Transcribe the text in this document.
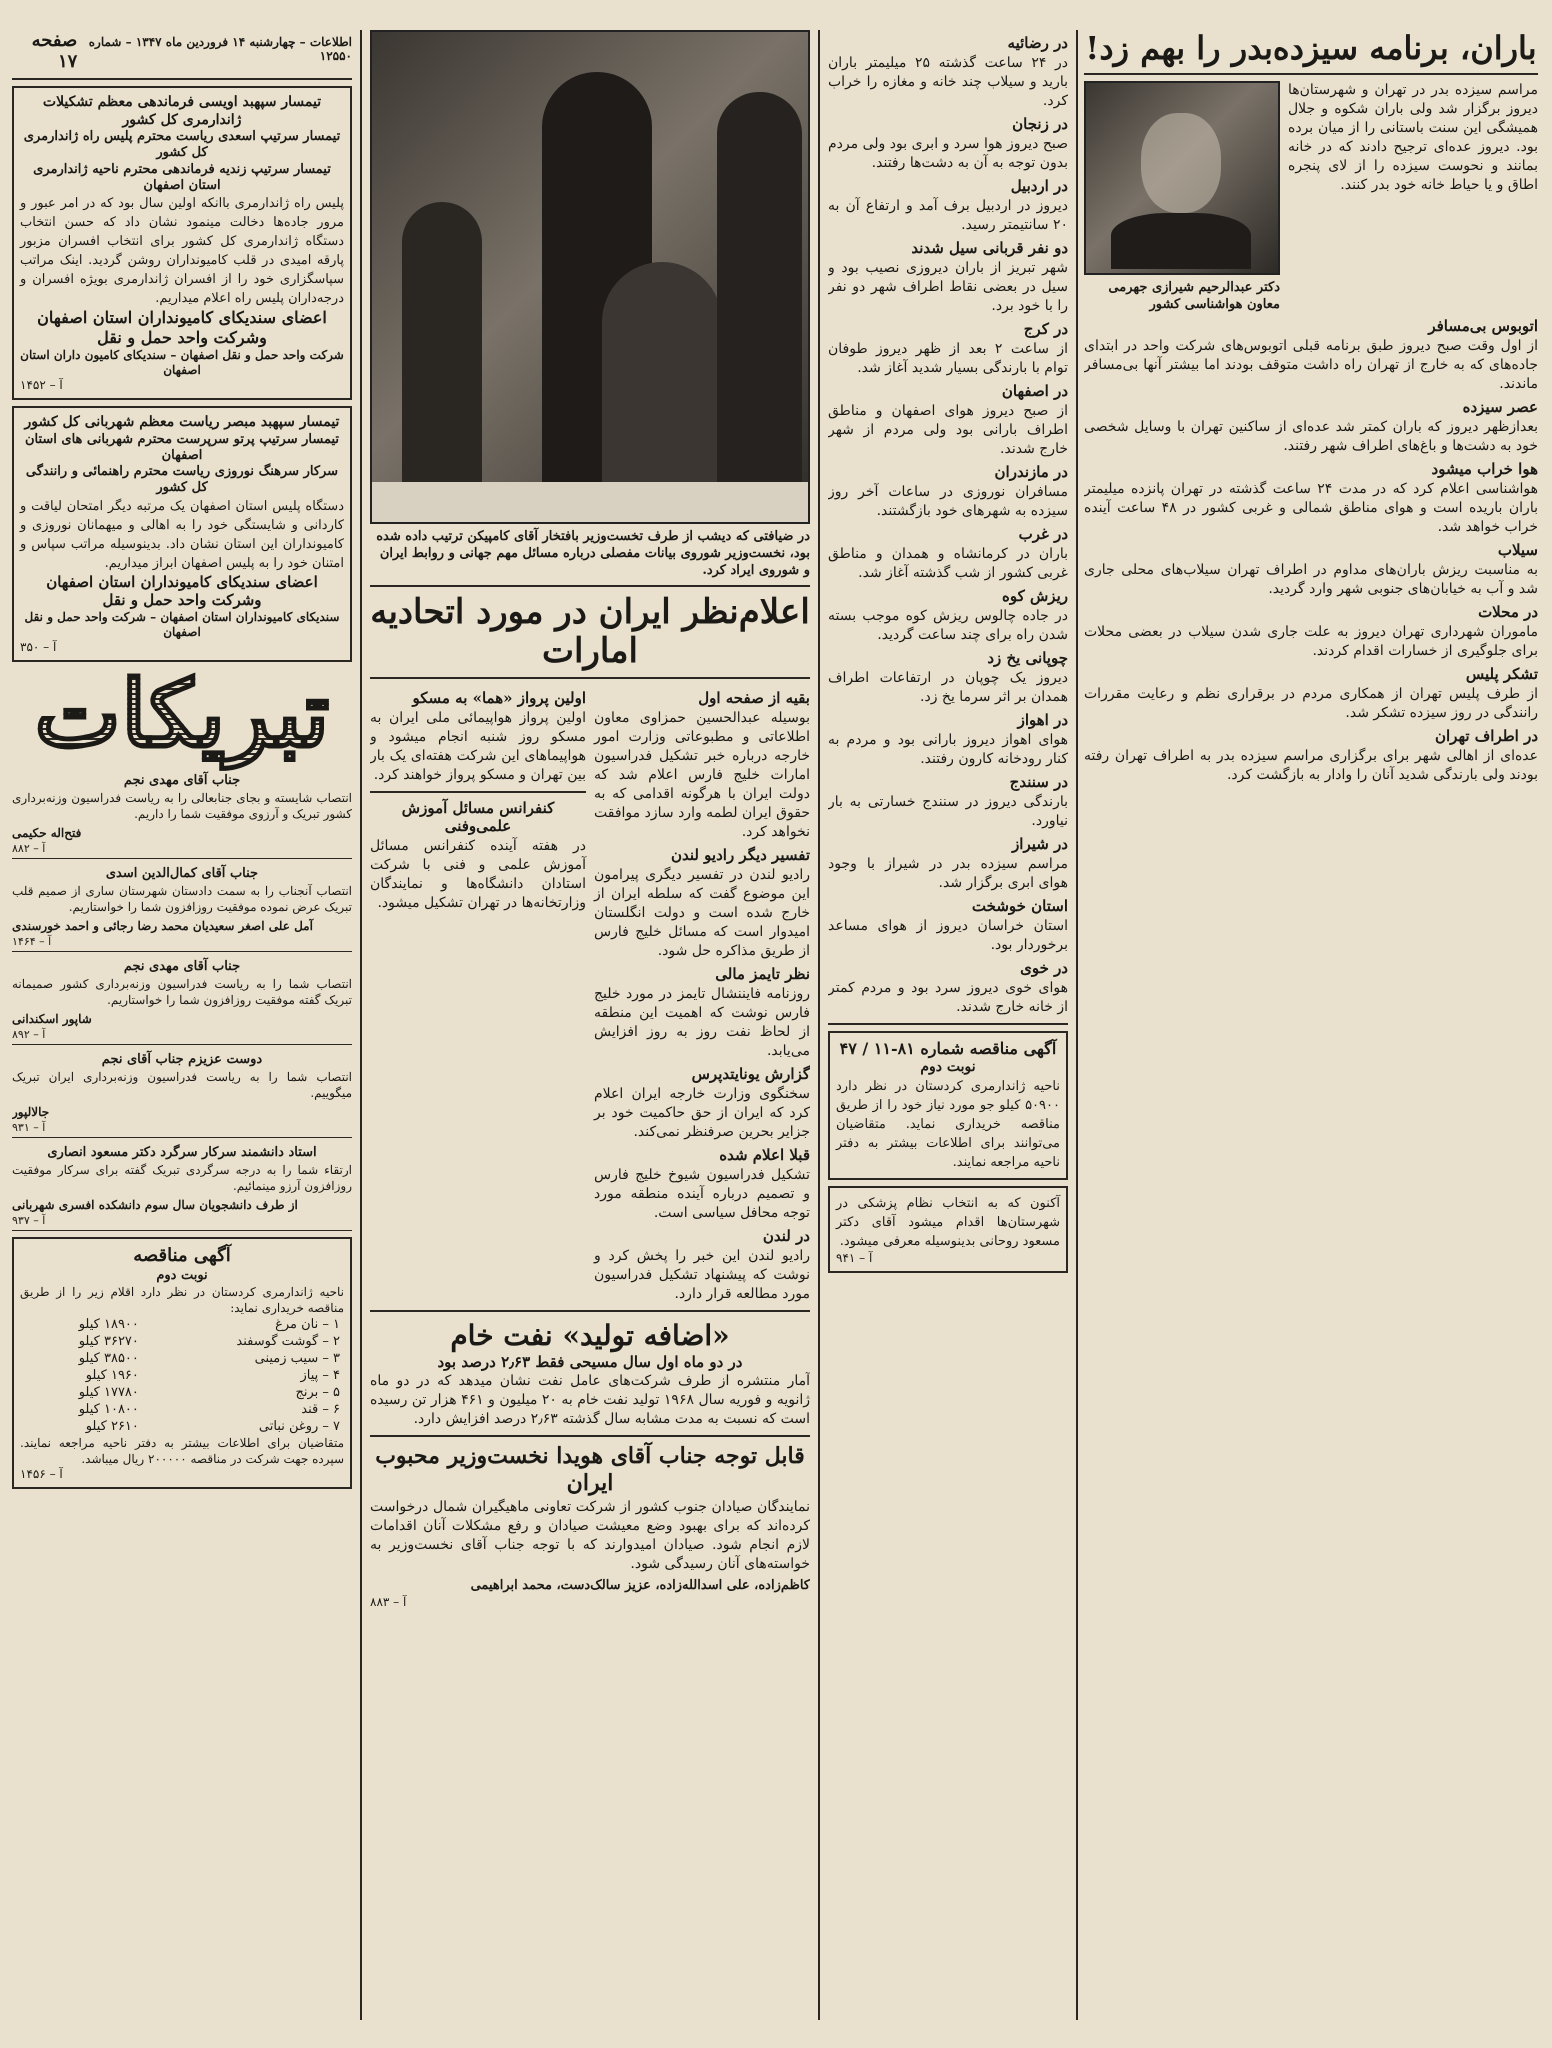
باران، برنامه سیزده‌بدر را بهم زد!
مراسم سیزده بدر در تهران و شهرستان‌ها دیروز برگزار شد ولی باران شکوه و جلال همیشگی این سنت باستانی را از میان برده بود. دیروز عده‌ای ترجیح دادند که در خانه بمانند و نحوست سیزده را از لای پنجره اطاق و یا حیاط خانه خود بدر کنند.
دکتر عبدالرحیم شیرازی جهرمی معاون هواشناسی کشور
اتوبوس بی‌مسافر
از اول وقت صبح دیروز طبق برنامه قبلی اتوبوس‌های شرکت واحد در ابتدای جاده‌های که به خارج از تهران راه داشت متوقف بودند اما بیشتر آنها بی‌مسافر ماندند.
عصر سیزده
بعدازظهر دیروز که باران کمتر شد عده‌ای از ساکنین تهران با وسایل شخصی خود به دشت‌ها و باغ‌های اطراف شهر رفتند.
هوا خراب میشود
هواشناسی اعلام کرد که در مدت ۲۴ ساعت گذشته در تهران پانزده میلیمتر باران باریده است و هوای مناطق شمالی و غربی کشور در ۴۸ ساعت آینده خراب خواهد شد.
سیلاب
به مناسبت ریزش باران‌های مداوم در اطراف تهران سیلاب‌های محلی جاری شد و آب به خیابان‌های جنوبی شهر وارد گردید.
در محلات
ماموران شهرداری تهران دیروز به علت جاری شدن سیلاب در بعضی محلات برای جلوگیری از خسارات اقدام کردند.
تشکر پلیس
از طرف پلیس تهران از همکاری مردم در برقراری نظم و رعایت مقررات رانندگی در روز سیزده تشکر شد.
در اطراف تهران
عده‌ای از اهالی شهر برای برگزاری مراسم سیزده بدر به اطراف تهران رفته بودند ولی بارندگی شدید آنان را وادار به بازگشت کرد.
در رضائیه
در ۲۴ ساعت گذشته ۲۵ میلیمتر باران بارید و سیلاب چند خانه و مغازه را خراب کرد.
در زنجان
صبح دیروز هوا سرد و ابری بود ولی مردم بدون توجه به آن به دشت‌ها رفتند.
در اردبیل
دیروز در اردبیل برف آمد و ارتفاع آن به ۲۰ سانتیمتر رسید.
دو نفر قربانی سیل شدند
شهر تبریز از باران دیروزی نصیب بود و سیل در بعضی نقاط اطراف شهر دو نفر را با خود برد.
در کرج
از ساعت ۲ بعد از ظهر دیروز طوفان توام با بارندگی بسیار شدید آغاز شد.
در اصفهان
از صبح دیروز هوای اصفهان و مناطق اطراف بارانی بود ولی مردم از شهر خارج شدند.
در مازندران
مسافران نوروزی در ساعات آخر روز سیزده به شهرهای خود بازگشتند.
در غرب
باران در کرمانشاه و همدان و مناطق غربی کشور از شب گذشته آغاز شد.
ریزش کوه
در جاده چالوس ریزش کوه موجب بسته شدن راه برای چند ساعت گردید.
چوپانی یخ زد
دیروز یک چوپان در ارتفاعات اطراف همدان بر اثر سرما یخ زد.
در اهواز
هوای اهواز دیروز بارانی بود و مردم به کنار رودخانه کارون رفتند.
در سنندج
بارندگی دیروز در سنندج خسارتی به بار نیاورد.
در شیراز
مراسم سیزده بدر در شیراز با وجود هوای ابری برگزار شد.
استان خوشخت
استان خراسان دیروز از هوای مساعد برخوردار بود.
در خوی
هوای خوی دیروز سرد بود و مردم کمتر از خانه خارج شدند.
آگهی مناقصه شماره ۸۱-۱۱ / ۴۷
نوبت دوم
ناحیه ژاندارمری کردستان در نظر دارد ۵۰۹۰۰ کیلو جو مورد نیاز خود را از طریق مناقصه خریداری نماید. متقاضیان می‌توانند برای اطلاعات بیشتر به دفتر ناحیه مراجعه نمایند.
آکنون که به انتخاب نظام پزشکی در شهرستان‌ها اقدام میشود آقای دکتر مسعود روحانی بدینوسیله معرفی میشود.
آ – ۹۴۱
در ضیافتی که دیشب از طرف تخست‌وزیر بافتخار آقای کامپیکن ترتیب داده شده بود، نخست‌وزیر شوروی بیانات مفصلی درباره مسائل مهم جهانی و روابط ایران و شوروی ایراد کرد.
اعلام‌نظر ایران در مورد اتحادیه امارات
بقیه از صفحه اول
بوسیله عبدالحسین حمزاوی معاون اطلاعاتی و مطبوعاتی وزارت امور خارجه درباره خبر تشکیل فدراسیون امارات خلیج فارس اعلام شد که دولت ایران با هرگونه اقدامی که به حقوق ایران لطمه وارد سازد موافقت نخواهد کرد.
تفسیر دیگر رادیو لندن
رادیو لندن در تفسیر دیگری پیرامون این موضوع گفت که سلطه ایران از خارج شده است و دولت انگلستان امیدوار است که مسائل خلیج فارس از طریق مذاکره حل شود.
نظر تایمز مالی
روزنامه فایننشال تایمز در مورد خلیج فارس نوشت که اهمیت این منطقه از لحاظ نفت روز به روز افزایش می‌یابد.
گزارش یونایتدپرس
سخنگوی وزارت خارجه ایران اعلام کرد که ایران از حق حاکمیت خود بر جزایر بحرین صرفنظر نمی‌کند.
قبلا اعلام شده
تشکیل فدراسیون شیوخ خلیج فارس و تصمیم درباره آینده منطقه مورد توجه محافل سیاسی است.
در لندن
رادیو لندن این خبر را پخش کرد و نوشت که پیشنهاد تشکیل فدراسیون مورد مطالعه قرار دارد.
اولین پرواز «هما» به مسکو
اولین پرواز هواپیمائی ملی ایران به مسکو روز شنبه انجام میشود و هواپیماهای این شرکت هفته‌ای یک بار بین تهران و مسکو پرواز خواهند کرد.
کنفرانس مسائل آموزش علمی‌وفنی
در هفته آینده کنفرانس مسائل آموزش علمی و فنی با شرکت استادان دانشگاه‌ها و نمایندگان وزارتخانه‌ها در تهران تشکیل میشود.
«اضافه تولید» نفت خام
در دو ماه اول سال مسیحی فقط ۲٫۶۳ درصد بود
آمار منتشره از طرف شرکت‌های عامل نفت نشان میدهد که در دو ماه ژانویه و فوریه سال ۱۹۶۸ تولید نفت خام به ۲۰ میلیون و ۴۶۱ هزار تن رسیده است که نسبت به مدت مشابه سال گذشته ۲٫۶۳ درصد افزایش دارد.
قابل توجه جناب آقای هویدا نخست‌وزیر محبوب ایران
نمایندگان صیادان جنوب کشور از شرکت تعاونی ماهیگیران شمال درخواست کرده‌اند که برای بهبود وضع معیشت صیادان و رفع مشکلات آنان اقدامات لازم انجام شود. صیادان امیدوارند که با توجه جناب آقای نخست‌وزیر به خواسته‌های آنان رسیدگی شود.
کاظم‌زاده، علی اسدالله‌زاده، عزیز سالک‌دست، محمد ابراهیمی
آ – ۸۸۳
اطلاعات – چهارشنبه ۱۴ فروردین ماه ۱۳۴۷ – شماره ۱۲۵۵۰
صفحه ۱۷
تیمسار سپهبد اویسی فرماندهی معظم تشکیلات ژاندارمری کل کشور
تیمسار سرتیپ اسعدی ریاست محترم پلیس راه ژاندارمری کل کشور
تیمسار سرتیپ زندیه فرماندهی محترم ناحیه ژاندارمری استان اصفهان
پلیس راه ژاندارمری باانکه اولین سال بود که در امر عبور و مرور جاده‌ها دخالت مینمود نشان داد که حسن انتخاب دستگاه ژاندارمری کل کشور برای انتخاب افسران مزبور پارقه امیدی در قلب کامیونداران روشن گردید. اینک مراتب سپاسگزاری خود را از افسران ژاندارمری بویژه افسران و درجه‌داران پلیس راه اعلام میداریم.
اعضای سندیکای کامیونداران استان اصفهان وشرکت واحد حمل و نقل
شرکت واحد حمل و نقل اصفهان – سندیکای کامیون داران استان اصفهان
آ – ۱۴۵۲
تیمسار سپهبد مبصر ریاست معظم شهربانی کل کشور
تیمسار سرتیپ پرتو سرپرست محترم شهربانی های استان اصفهان
سرکار سرهنگ نوروزی ریاست محترم راهنمائی و رانندگی کل کشور
دستگاه پلیس استان اصفهان یک مرتبه دیگر امتحان لیاقت و کاردانی و شایستگی خود را به اهالی و میهمانان نوروزی و کامیونداران این استان نشان داد. بدینوسیله مراتب سپاس و امتنان خود را به پلیس اصفهان ابراز میداریم.
اعضای سندیکای کامیونداران استان اصفهان وشرکت واحد حمل و نقل
سندیکای کامیونداران استان اصفهان – شرکت واحد حمل و نقل اصفهان
آ – ۳۵۰
تبریکات
جناب آقای مهدی نجم
انتصاب شایسته و بجای جنابعالی را به ریاست فدراسیون وزنه‌برداری کشور تبریک و آرزوی موفقیت شما را داریم.
فتح‌اله حکیمی
آ – ۸۸۲
جناب آقای کمال‌الدین اسدی
انتصاب آنجناب را به سمت دادستان شهرستان ساری از صمیم قلب تبریک عرض نموده موفقیت روزافزون شما را خواستاریم.
آمل علی اصغر سعیدیان محمد رضا رجائی و احمد خورسندی
آ – ۱۴۶۴
جناب آقای مهدی نجم
انتصاب شما را به ریاست فدراسیون وزنه‌برداری کشور صمیمانه تبریک گفته موفقیت روزافزون شما را خواستاریم.
شاپور اسکندانی
آ – ۸۹۲
دوست عزیزم جناب آقای نجم
انتصاب شما را به ریاست فدراسیون وزنه‌برداری ایران تبریک میگوییم.
جالالپور
آ – ۹۳۱
استاد دانشمند سرکار سرگرد دکتر مسعود انصاری
ارتقاء شما را به درجه سرگردی تبریک گفته برای سرکار موفقیت روزافزون آرزو مینمائیم.
از طرف دانشجویان سال سوم دانشکده افسری شهربانی
آ – ۹۳۷
آگهی مناقصه
نوبت دوم
ناحیه ژاندارمری کردستان در نظر دارد اقلام زیر را از طریق مناقصه خریداری نماید:
۱ – نان مرغ	۱۸۹۰۰ کیلو
۲ – گوشت گوسفند	۳۶۲۷۰ کیلو
۳ – سیب زمینی	۳۸۵۰۰ کیلو
۴ – پیاز	۱۹۶۰ کیلو
۵ – برنج	۱۷۷۸۰ کیلو
۶ – قند	۱۰۸۰۰ کیلو
۷ – روغن نباتی	۲۶۱۰ کیلو
متقاضیان برای اطلاعات بیشتر به دفتر ناحیه مراجعه نمایند. سپرده جهت شرکت در مناقصه ۲۰۰۰۰۰ ریال میباشد.
آ – ۱۴۵۶
